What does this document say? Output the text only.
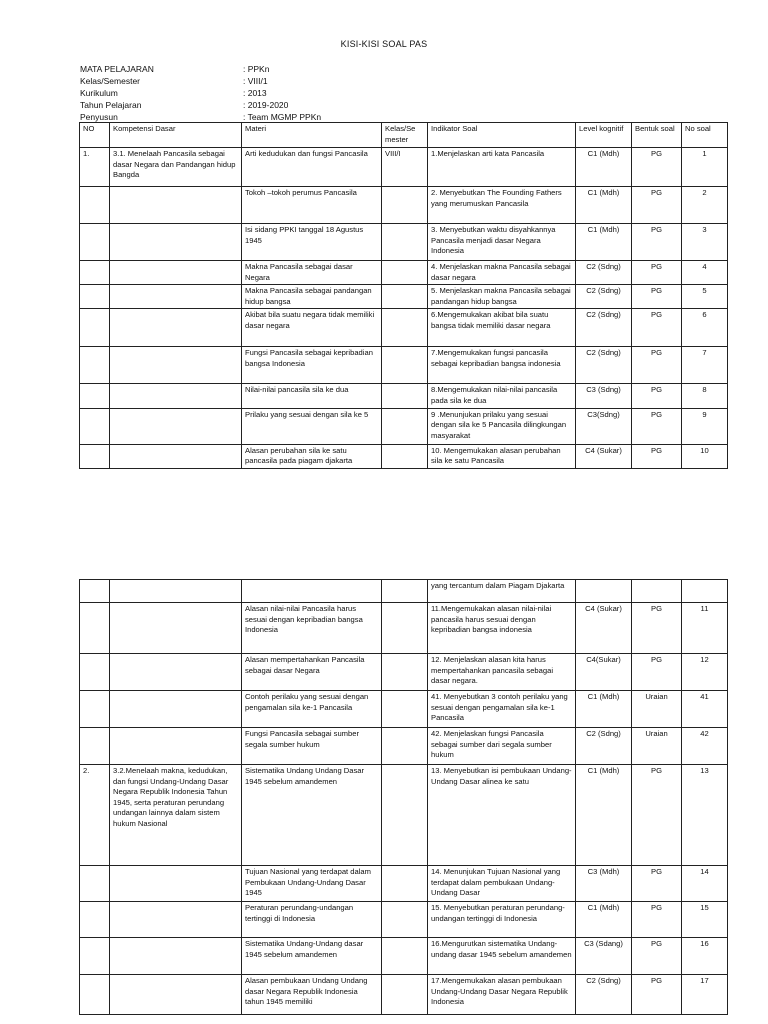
KISI-KISI SOAL PAS
MATA PELAJARAN	: PPKn
Kelas/Semester	: VIII/1
Kurikulum	: 2013
Tahun Pelajaran	: 2019-2020
Penyusun	: Team MGMP PPKn
NO	Kompetensi Dasar	Materi	Kelas/Se mester	Indikator Soal	Level kognitif	Bentuk soal	No soal
1.	3.1. Menelaah Pancasila sebagai dasar Negara dan Pandangan hidup Bangda	Arti kedudukan dan fungsi Pancasila	VIII/I	1.Menjelaskan arti kata Pancasila	C1 (Mdh)	PG	1
		Tokoh –tokoh perumus Pancasila		2. Menyebutkan The Founding Fathers yang merumuskan Pancasila	C1 (Mdh)	PG	2
		Isi sidang PPKI tanggal 18 Agustus 1945		3. Menyebutkan waktu disyahkannya Pancasila menjadi dasar Negara Indonesia	C1 (Mdh)	PG	3
		Makna Pancasila sebagai dasar Negara		4. Menjelaskan makna Pancasila sebagai dasar negara	C2 (Sdng)	PG	4
		Makna Pancasila sebagai pandangan hidup bangsa		5. Menjelaskan makna Pancasila sebagai pandangan hidup bangsa	C2 (Sdng)	PG	5
		Akibat bila suatu negara tidak memiliki dasar negara		6.Mengemukakan akibat bila suatu bangsa tidak memiliki dasar negara	C2 (Sdng)	PG	6
		Fungsi Pancasila sebagai kepribadian bangsa Indonesia		7.Mengemukakan fungsi pancasila sebagai kepribadian bangsa indonesia	C2 (Sdng)	PG	7
		Nilai-nilai pancasila sila ke dua		8.Mengemukakan nilai-nilai pancasila pada sila ke dua	C3 (Sdng)	PG	8
		Prilaku yang sesuai dengan sila ke 5		9 .Menunjukan prilaku yang sesuai dengan sila ke 5 Pancasila dilingkungan masyarakat	C3(Sdng)	PG	9
		Alasan perubahan sila ke satu pancasila pada piagam djakarta		10. Mengemukakan alasan perubahan sila ke satu Pancasila	C4 (Sukar)	PG	10
				yang tercantum dalam Piagam Djakarta			
		Alasan nilai-nilai Pancasila harus sesuai dengan kepribadian bangsa Indonesia		11.Mengemukakan alasan nilai-nilai pancasila harus sesuai dengan kepribadian bangsa indonesia	C4 (Sukar)	PG	11
		Alasan mempertahankan Pancasila sebagai dasar Negara		12. Menjelaskan alasan kita harus mempertahankan pancasila sebagai dasar negara.	C4(Sukar)	PG	12
		Contoh perilaku yang sesuai dengan pengamalan sila ke-1 Pancasila		41. Menyebutkan 3 contoh perilaku yang sesuai dengan pengamalan sila ke-1 Pancasila	C1 (Mdh)	Uraian	41
		Fungsi Pancasila sebagai sumber segala sumber hukum		42. Menjelaskan fungsi Pancasila sebagai sumber dari segala sumber hukum	C2 (Sdng)	Uraian	42
2.	3.2.Menelaah makna, kedudukan, dan fungsi Undang-Undang Dasar Negara Republik Indonesia Tahun 1945, serta peraturan perundang undangan lainnya dalam sistem hukum Nasional	Sistematika Undang Undang Dasar 1945 sebelum amandemen		13. Menyebutkan isi pembukaan Undang-Undang Dasar alinea ke satu	C1 (Mdh)	PG	13
		Tujuan Nasional yang terdapat dalam Pembukaan Undang-Undang Dasar 1945		14. Menunjukan Tujuan Nasional yang terdapat dalam pembukaan Undang-Undang Dasar	C3 (Mdh)	PG	14
		Peraturan perundang-undangan tertinggi di Indonesia		15. Menyebutkan peraturan perundang-undangan tertinggi di Indonesia	C1 (Mdh)	PG	15
		Sistematika Undang-Undang dasar 1945 sebelum amandemen		16.Mengurutkan sistematika Undang-undang dasar 1945 sebelum amandemen	C3 (Sdang)	PG	16
		Alasan pembukaan Undang Undang dasar Negara Republik Indonesia tahun 1945 memiliki		17.Mengemukakan alasan pembukaan Undang-Undang Dasar Negara Republik Indonesia	C2 (Sdng)	PG	17
